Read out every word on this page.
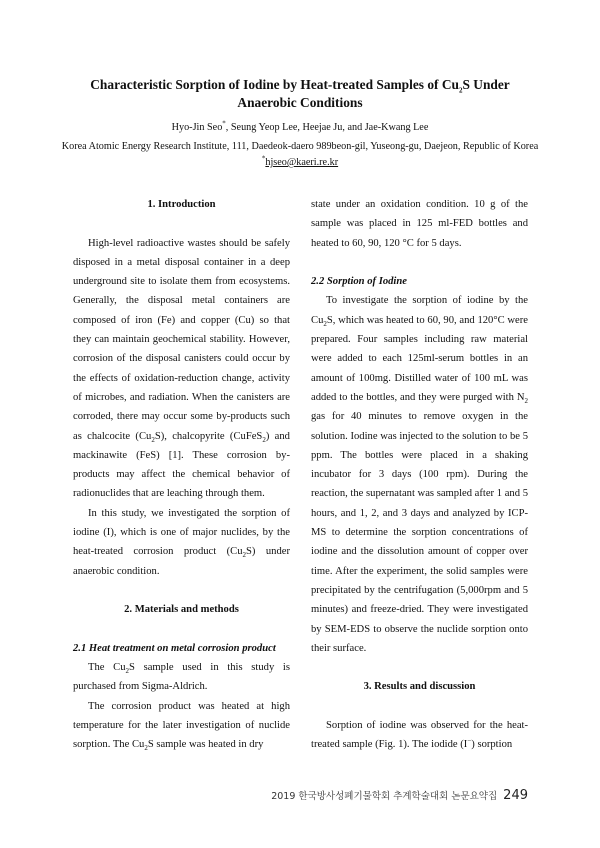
Characteristic Sorption of Iodine by Heat-treated Samples of $Cu_2S$ Under Anaerobic Conditions
Hyo-Jin Seo*, Seung Yeop Lee, Heejae Ju, and Jae-Kwang Lee
Korea Atomic Energy Research Institute, 111, Daedeok-daero 989beon-gil, Yuseong-gu, Daejeon, Republic of Korea
*hjseo@kaeri.re.kr
1. Introduction

High-level radioactive wastes should be safely disposed in a metal disposal container in a deep underground site to isolate them from ecosystems. Generally, the disposal metal containers are composed of iron (Fe) and copper (Cu) so that they can maintain geochemical stability. However, corrosion of the disposal canisters could occur by the effects of oxidation-reduction change, activity of microbes, and radiation. When the canisters are corroded, there may occur some by-products such as chalcocite $(Cu_2S)$, chalcopyrite (CuFeS$_2$) and mackinawite (FeS) [1]. These corrosion by-products may affect the chemical behavior of radionuclides that are leaching through them.

In this study, we investigated the sorption of iodine (I), which is one of major nuclides, by the heat-treated corrosion product $(Cu_2S)$ under anaerobic condition.

2. Materials and methods
2.1 Heat treatment on metal corrosion product

The $Cu_2S$ sample used in this study is purchased from Sigma-Aldrich.

The corrosion product was heated at high temperature for the later investigation of nuclide sorption. The $Cu_2S$ sample was heated in dry

state under an oxidation condition. 10 g of the sample was placed in 125 ml-FED bottles and heated to 60, 90, 120 °C for 5 days.

2.2 Sorption of Iodine

To investigate the sorption of iodine by the $Cu_2S$, which was heated to 60, 90, and 120°C were prepared. Four samples including raw material were added to each 125ml-serum bottles in an amount of 100mg. Distilled water of 100 mL was added to the bottles, and they were purged with $N_2$ gas for 40 minutes to remove oxygen in the solution. Iodine was injected to the solution to be 5 ppm. The bottles were placed in a shaking incubator for 3 days (100 rpm). During the reaction, the supernatant was sampled after 1 and 5 hours, and 1, 2, and 3 days and analyzed by ICP-MS to determine the sorption concentrations of iodine and the dissolution amount of copper over time. After the experiment, the solid samples were precipitated by the centrifugation (5,000rpm and 5 minutes) and freeze-dried. They were investigated by SEM-EDS to observe the nuclide sorption onto their surface.

3. Results and discussion

Sorption of iodine was observed for the heat-treated sample (Fig. 1). The iodide (I−) sorption

2019 한국방사성폐기물학회 추계학술대회 논문요약집 249
